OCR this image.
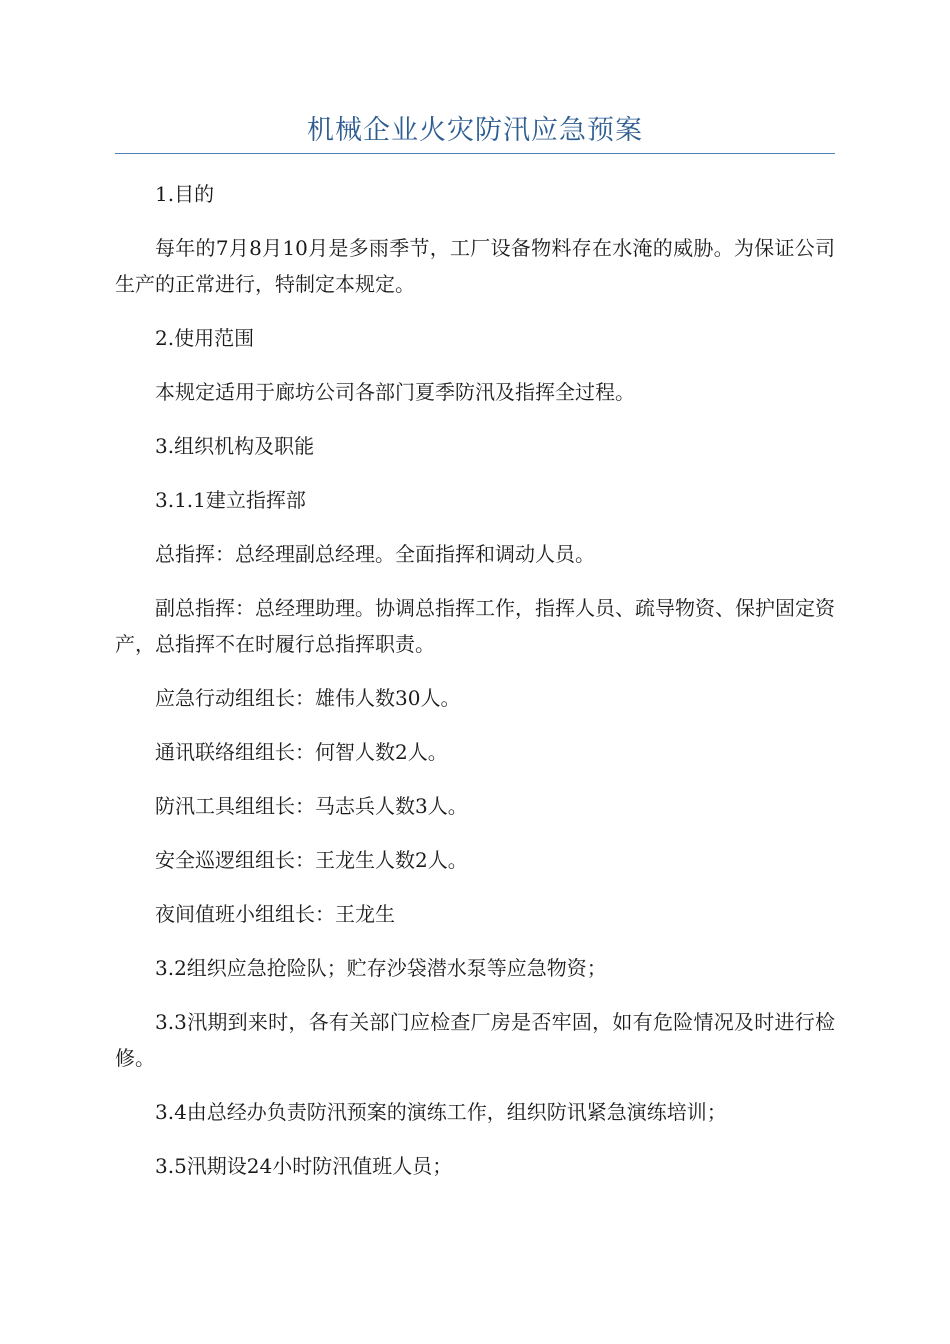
机械企业火灾防汛应急预案

1.目的

每年的7月8月10月是多雨季节，工厂设备物料存在水淹的威胁。为保证公司生产的正常进行，特制定本规定。

2.使用范围

本规定适用于廊坊公司各部门夏季防汛及指挥全过程。

3.组织机构及职能

3.1.1建立指挥部

总指挥：总经理副总经理。全面指挥和调动人员。

副总指挥：总经理助理。协调总指挥工作，指挥人员、疏导物资、保护固定资产，总指挥不在时履行总指挥职责。

应急行动组组长：雄伟人数30人。

通讯联络组组长：何智人数2人。

防汛工具组组长：马志兵人数3人。

安全巡逻组组长：王龙生人数2人。

夜间值班小组组长：王龙生

3.2组织应急抢险队；贮存沙袋潜水泵等应急物资；

3.3汛期到来时，各有关部门应检查厂房是否牢固，如有危险情况及时进行检修。

3.4由总经办负责防汛预案的演练工作，组织防讯紧急演练培训；

3.5汛期设24小时防汛值班人员；
